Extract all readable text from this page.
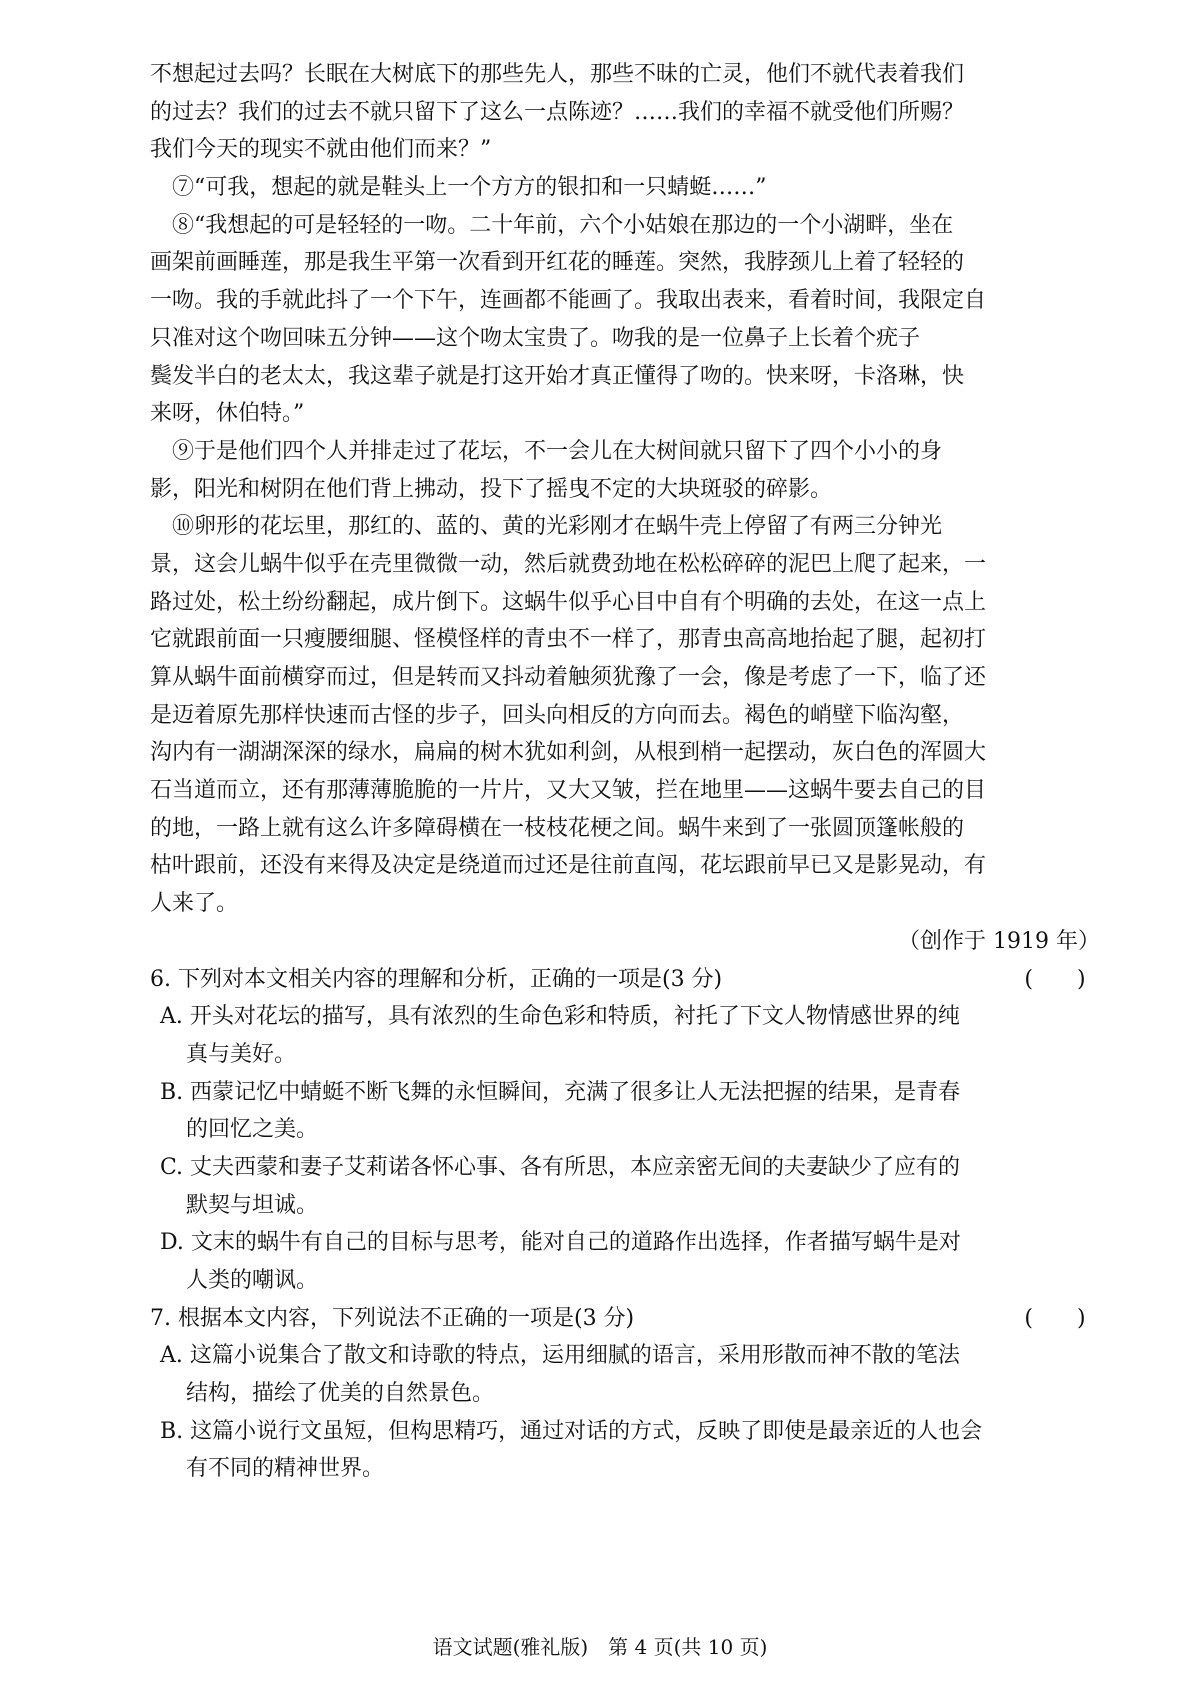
不想起过去吗？长眠在大树底下的那些先人，那些不昧的亡灵，他们不就代表着我们
的过去？我们的过去不就只留下了这么一点陈迹？……我们的幸福不就受他们所赐？
我们今天的现实不就由他们而来？”
⑦“可我，想起的就是鞋头上一个方方的银扣和一只蜻蜓……”
⑧“我想起的可是轻轻的一吻。二十年前，六个小姑娘在那边的一个小湖畔，坐在
画架前画睡莲，那是我生平第一次看到开红花的睡莲。突然，我脖颈儿上着了轻轻的
一吻。我的手就此抖了一个下午，连画都不能画了。我取出表来，看着时间，我限定自
只准对这个吻回味五分钟——这个吻太宝贵了。吻我的是一位鼻子上长着个疣子
鬓发半白的老太太，我这辈子就是打这开始才真正懂得了吻的。快来呀，卡洛琳，快
来呀，休伯特。”
⑨于是他们四个人并排走过了花坛，不一会儿在大树间就只留下了四个小小的身
影，阳光和树阴在他们背上拂动，投下了摇曳不定的大块斑驳的碎影。
⑩卵形的花坛里，那红的、蓝的、黄的光彩刚才在蜗牛壳上停留了有两三分钟光
景，这会儿蜗牛似乎在壳里微微一动，然后就费劲地在松松碎碎的泥巴上爬了起来，一
路过处，松土纷纷翻起，成片倒下。这蜗牛似乎心目中自有个明确的去处，在这一点上
它就跟前面一只瘦腰细腿、怪模怪样的青虫不一样了，那青虫高高地抬起了腿，起初打
算从蜗牛面前横穿而过，但是转而又抖动着触须犹豫了一会，像是考虑了一下，临了还
是迈着原先那样快速而古怪的步子，回头向相反的方向而去。褐色的峭壁下临沟壑，
沟内有一湖湖深深的绿水，扁扁的树木犹如利剑，从根到梢一起摆动，灰白色的浑圆大
石当道而立，还有那薄薄脆脆的一片片，又大又皱，拦在地里——这蜗牛要去自己的目
的地，一路上就有这么许多障碍横在一枝枝花梗之间。蜗牛来到了一张圆顶篷帐般的
枯叶跟前，还没有来得及决定是绕道而过还是往前直闯，花坛跟前早已又是影晃动，有
人来了。
（创作于 1919 年）
6. 下列对本文相关内容的理解和分析，正确的一项是(3 分)	(　　)
A. 开头对花坛的描写，具有浓烈的生命色彩和特质，衬托了下文人物情感世界的纯
真与美好。
B. 西蒙记忆中蜻蜓不断飞舞的永恒瞬间，充满了很多让人无法把握的结果，是青春
的回忆之美。
C. 丈夫西蒙和妻子艾莉诺各怀心事、各有所思，本应亲密无间的夫妻缺少了应有的
默契与坦诚。
D. 文末的蜗牛有自己的目标与思考，能对自己的道路作出选择，作者描写蜗牛是对
人类的嘲讽。
7. 根据本文内容，下列说法不正确的一项是(3 分)	(　　)
A. 这篇小说集合了散文和诗歌的特点，运用细腻的语言，采用形散而神不散的笔法
结构，描绘了优美的自然景色。
B. 这篇小说行文虽短，但构思精巧，通过对话的方式，反映了即使是最亲近的人也会
有不同的精神世界。
语文试题(雅礼版)　第 4 页(共 10 页)
